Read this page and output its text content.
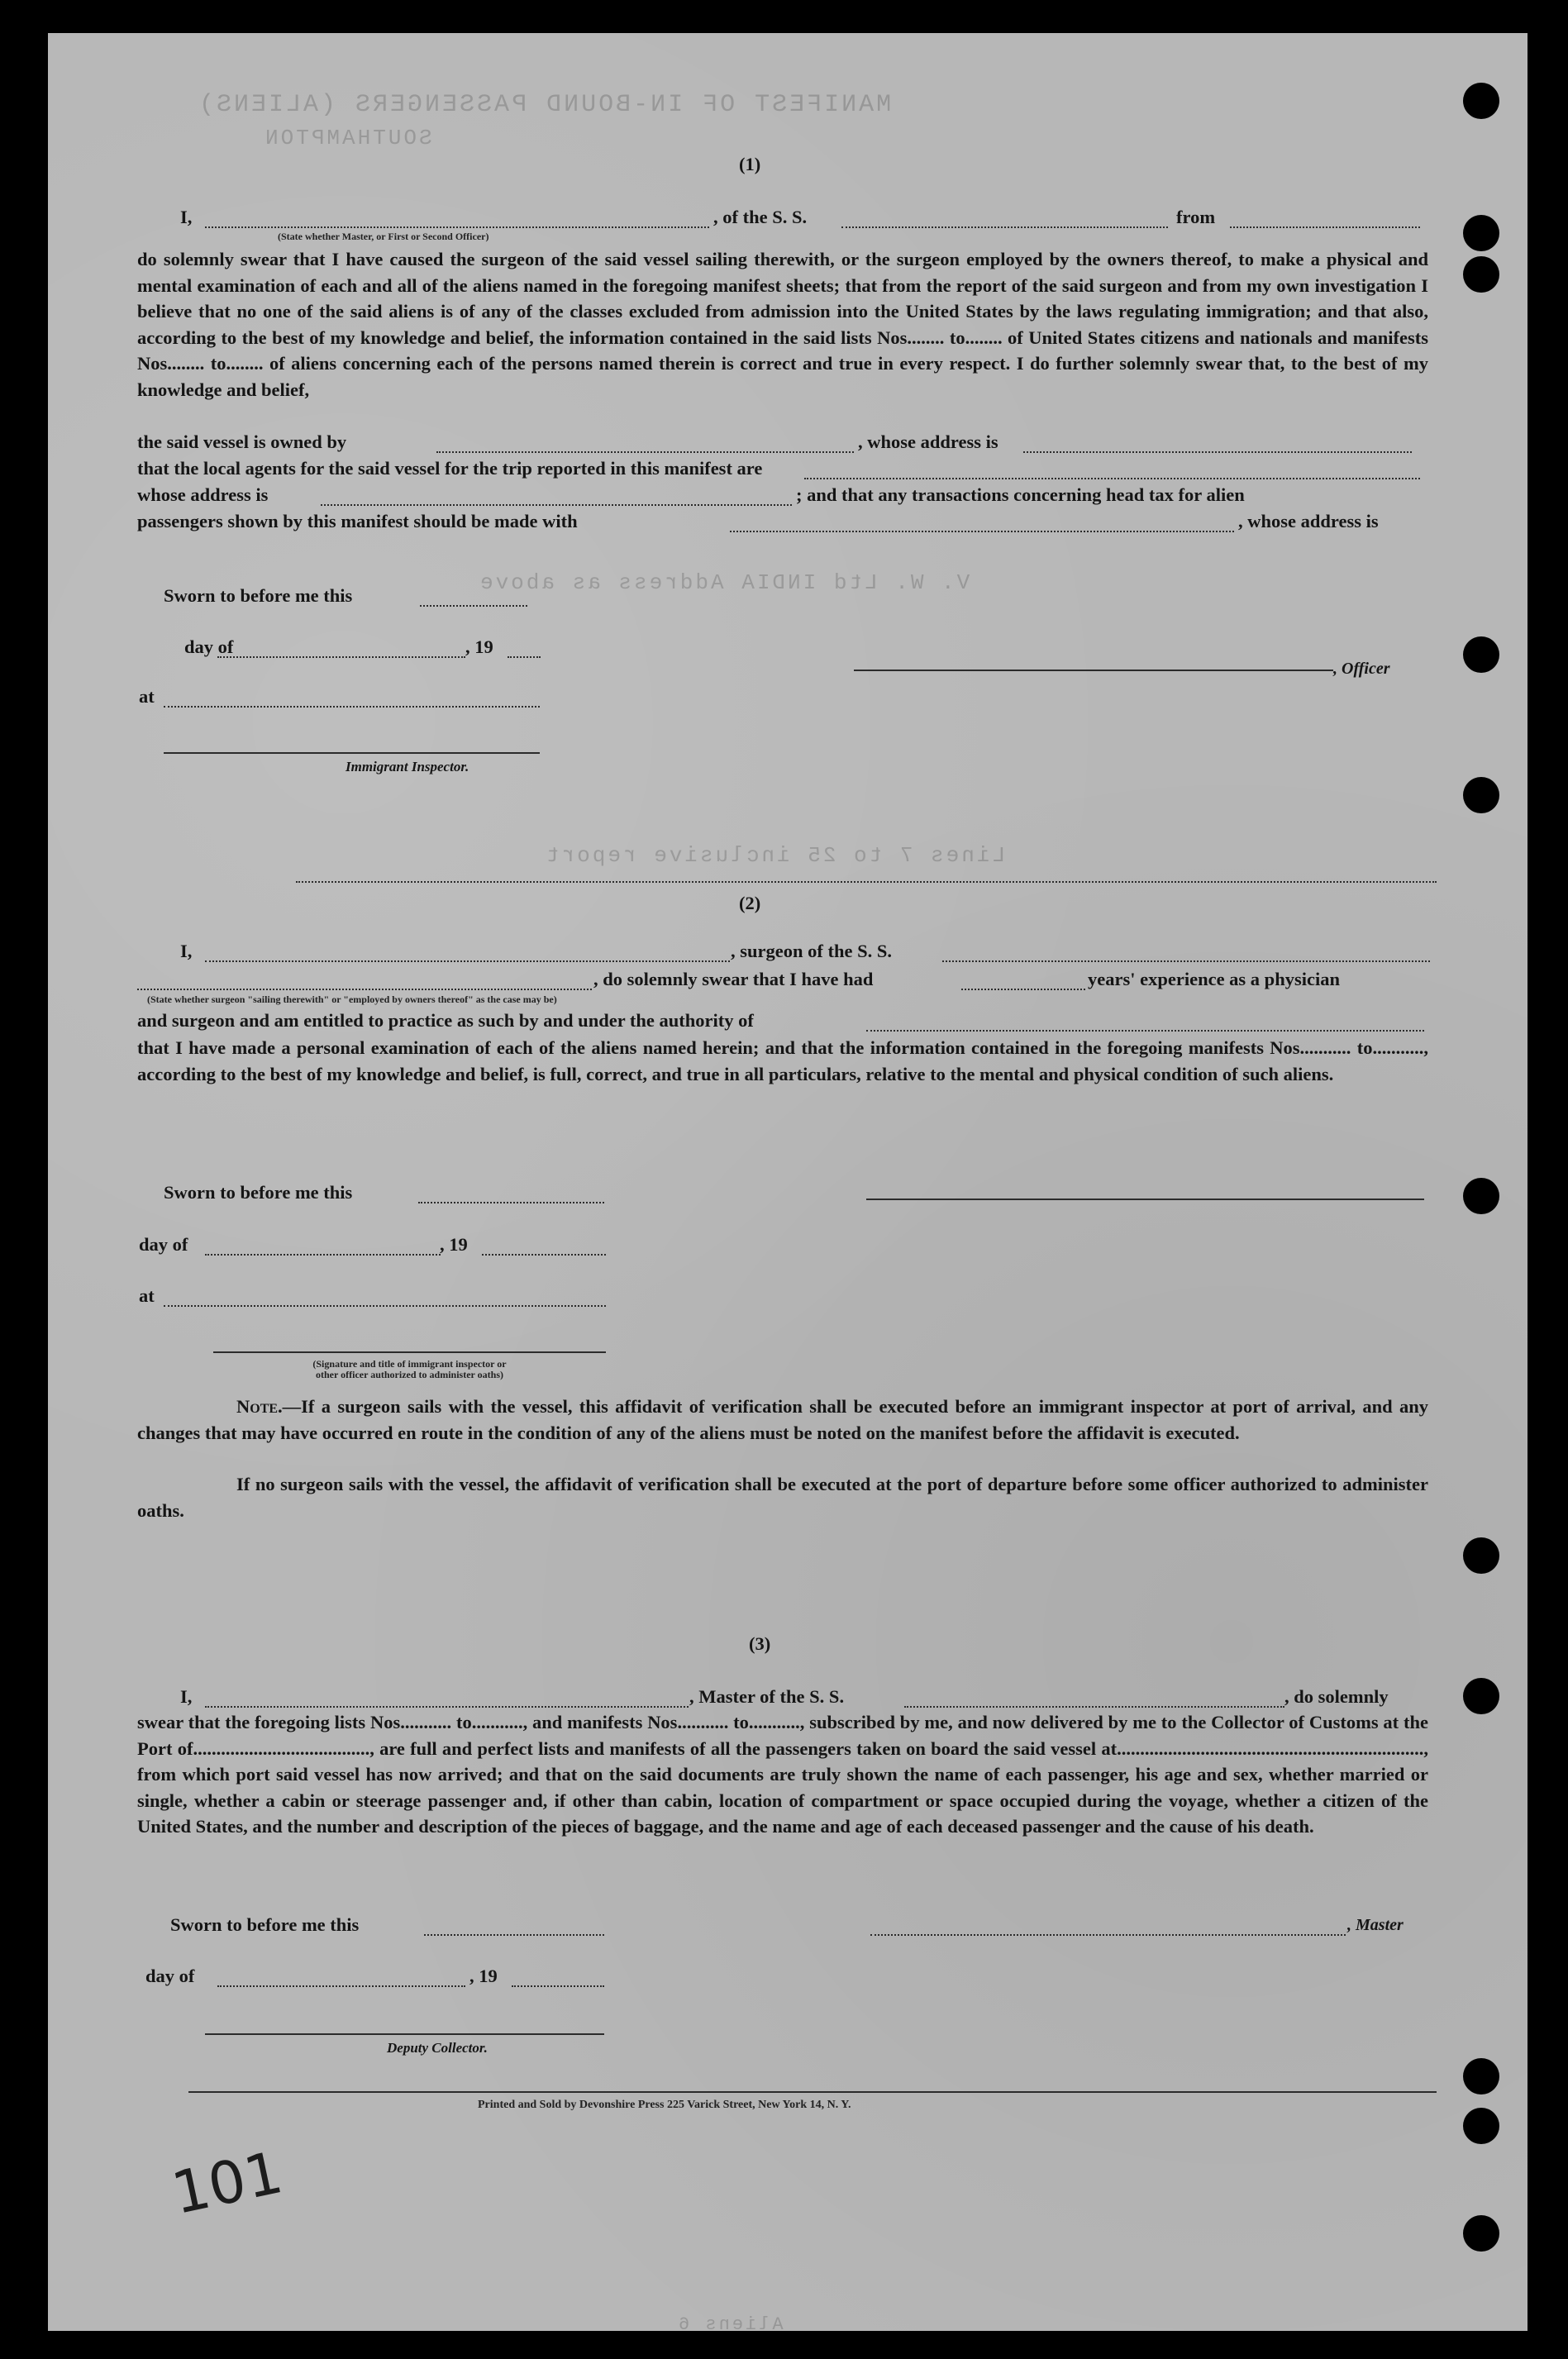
MANIFEST OF IN-BOUND PASSENGERS (ALIENS)
SOUTHAMPTON
V. W. Ltd INDIA Address as above
Lines 7 to 25 inclusive report
(1)
I,	, of the S. S.	from
(State whether Master, or First or Second Officer)
do solemnly swear that I have caused the surgeon of the said vessel sailing therewith, or the surgeon employed by the owners thereof, to make a physical and mental examination of each and all of the aliens named in the foregoing manifest sheets; that from the report of the said surgeon and from my own investigation I believe that no one of the said aliens is of any of the classes excluded from admission into the United States by the laws regulating immigration; and that also, according to the best of my knowledge and belief, the information contained in the said lists Nos........ to........ of United States citizens and nationals and manifests Nos........ to........ of aliens concerning each of the persons named therein is correct and true in every respect. I do further solemnly swear that, to the best of my knowledge and belief,
the said vessel is owned by	, whose address is
that the local agents for the said vessel for the trip reported in this manifest are
whose address is	; and that any transactions concerning head tax for alien
passengers shown by this manifest should be made with	, whose address is
Sworn to before me this
day of	, 19
at
, Officer
Immigrant Inspector.
(2)
I,	, surgeon of the S. S.
, do solemnly swear that I have had	years' experience as a physician
(State whether surgeon "sailing therewith" or "employed by owners thereof" as the case may be)
and surgeon and am entitled to practice as such by and under the authority of
that I have made a personal examination of each of the aliens named herein; and that the information contained in the foregoing manifests Nos........... to..........., according to the best of my knowledge and belief, is full, correct, and true in all particulars, relative to the mental and physical condition of such aliens.
Sworn to before me this
day of	, 19
at
(Signature and title of immigrant inspector or
other officer authorized to administer oaths)
Note.—If a surgeon sails with the vessel, this affidavit of verification shall be executed before an immigrant inspector at port of arrival, and any changes that may have occurred en route in the condition of any of the aliens must be noted on the manifest before the affidavit is executed.
If no surgeon sails with the vessel, the affidavit of verification shall be executed at the port of departure before some officer authorized to administer oaths.
(3)
I,	, Master of the S. S.	, do solemnly
swear that the foregoing lists Nos........... to..........., and manifests Nos........... to..........., subscribed by me, and now delivered by me to the Collector of Customs at the Port of......................................, are full and perfect lists and manifests of all the passengers taken on board the said vessel at.................................................................., from which port said vessel has now arrived; and that on the said documents are truly shown the name of each passenger, his age and sex, whether married or single, whether a cabin or steerage passenger and, if other than cabin, location of compartment or space occupied during the voyage, whether a citizen of the United States, and the number and description of the pieces of baggage, and the name and age of each deceased passenger and the cause of his death.
Sworn to before me this	, Master
day of	, 19
Deputy Collector.
Printed and Sold by Devonshire Press 225 Varick Street, New York 14, N. Y.
101
Aliens 6
